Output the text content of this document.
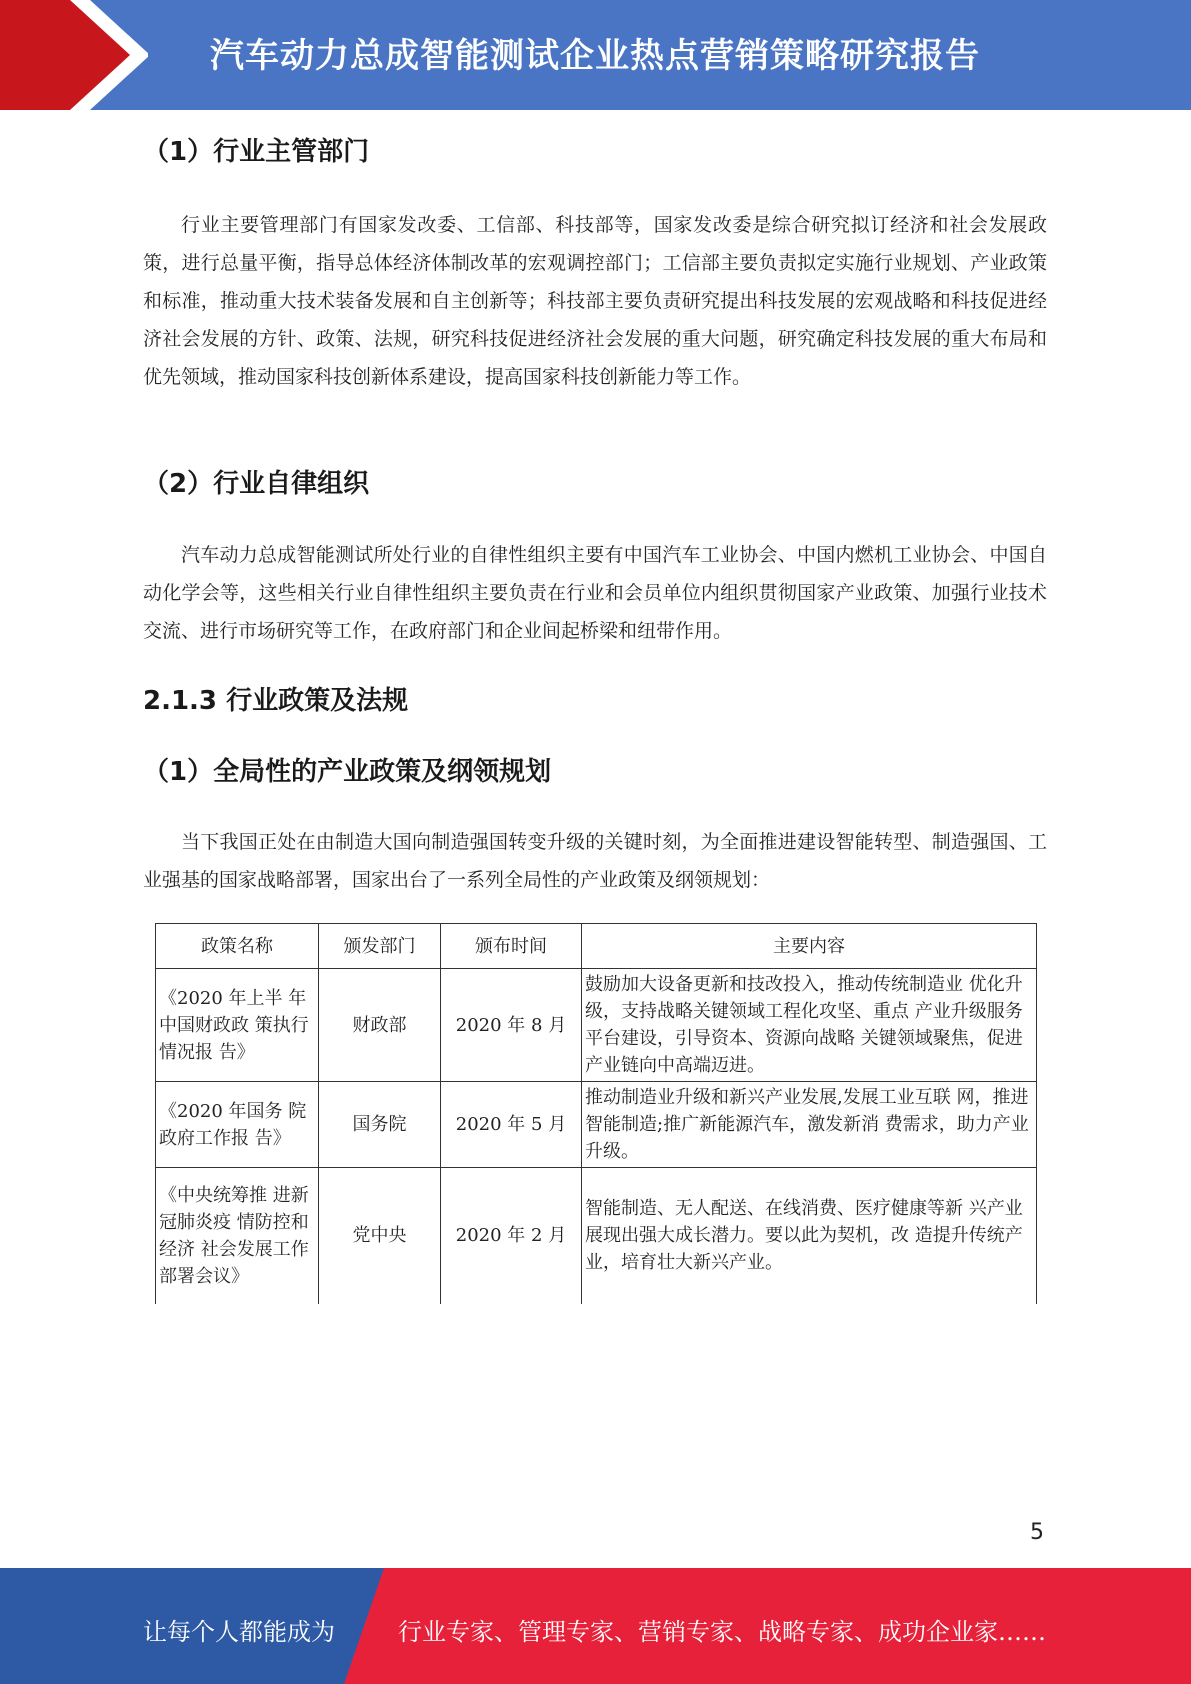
汽车动力总成智能测试企业热点营销策略研究报告
（1）行业主管部门
行业主要管理部门有国家发改委、工信部、科技部等，国家发改委是综合研究拟订经济和社会发展政策，进行总量平衡，指导总体经济体制改革的宏观调控部门；工信部主要负责拟定实施行业规划、产业政策和标准，推动重大技术装备发展和自主创新等；科技部主要负责研究提出科技发展的宏观战略和科技促进经济社会发展的方针、政策、法规，研究科技促进经济社会发展的重大问题，研究确定科技发展的重大布局和优先领域，推动国家科技创新体系建设，提高国家科技创新能力等工作。
（2）行业自律组织
汽车动力总成智能测试所处行业的自律性组织主要有中国汽车工业协会、中国内燃机工业协会、中国自动化学会等，这些相关行业自律性组织主要负责在行业和会员单位内组织贯彻国家产业政策、加强行业技术交流、进行市场研究等工作，在政府部门和企业间起桥梁和纽带作用。
2.1.3 行业政策及法规
（1）全局性的产业政策及纲领规划
当下我国正处在由制造大国向制造强国转变升级的关键时刻，为全面推进建设智能转型、制造强国、工业强基的国家战略部署，国家出台了一系列全局性的产业政策及纲领规划：
政策名称	颁发部门	颁布时间	主要内容
《2020 年上半 年中国财政政 策执行情况报 告》	财政部	2020 年 8 月	鼓励加大设备更新和技改投入，推动传统制造业 优化升级，支持战略关键领域工程化攻坚、重点 产业升级服务平台建设，引导资本、资源向战略 关键领域聚焦，促进产业链向中高端迈进。
《2020 年国务 院政府工作报 告》	国务院	2020 年 5 月	推动制造业升级和新兴产业发展,发展工业互联 网，推进智能制造;推广新能源汽车，激发新消 费需求，助力产业升级。
《中央统筹推 进新冠肺炎疫 情防控和经济 社会发展工作 部署会议》	党中央	2020 年 2 月	智能制造、无人配送、在线消费、医疗健康等新 兴产业展现出强大成长潜力。要以此为契机，改 造提升传统产业，培育壮大新兴产业。
5
让每个人都能成为	行业专家、管理专家、营销专家、战略专家、成功企业家……
